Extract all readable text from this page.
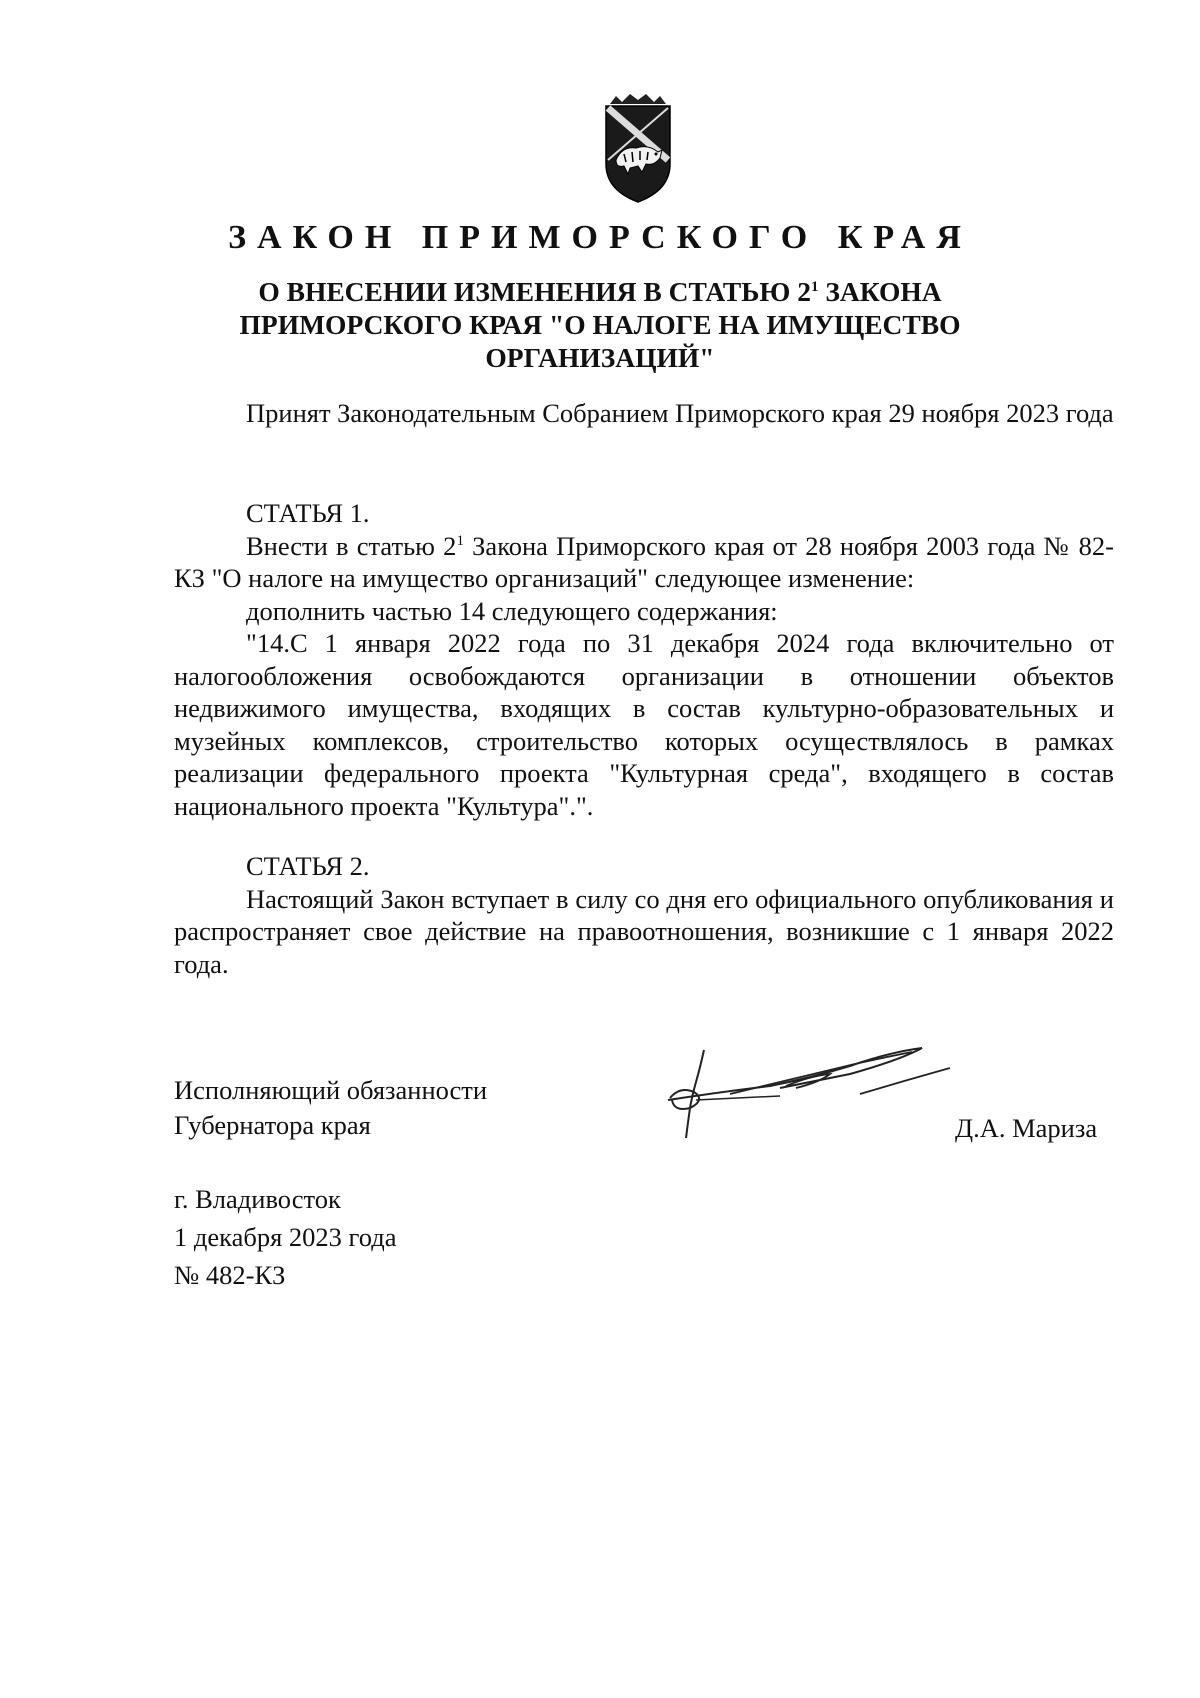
ЗАКОН ПРИМОРСКОГО КРАЯ
О ВНЕСЕНИИ ИЗМЕНЕНИЯ В СТАТЬЮ $2^1$ ЗАКОНА
ПРИМОРСКОГО КРАЯ "О НАЛОГЕ НА ИМУЩЕСТВО
ОРГАНИЗАЦИЙ"

Принят Законодательным Собранием Приморского края 29 ноября 2023 года

СТАТЬЯ 1.

Внести в статью $2^1$ Закона Приморского края от 28 ноября 2003 года № 82-КЗ "О налоге на имущество организаций" следующее изменение:

дополнить частью 14 следующего содержания:

"14.С 1 января 2022 года по 31 декабря 2024 года включительно от налогообложения освобождаются организации в отношении объектов недвижимого имущества, входящих в состав культурно-образовательных и музейных комплексов, строительство которых осуществлялось в рамках реализации федерального проекта "Культурная среда", входящего в состав национального проекта "Культура".".

СТАТЬЯ 2.

Настоящий Закон вступает в силу со дня его официального опубликования и распространяет свое действие на правоотношения, возникшие с 1 января 2022 года.

Исполняющий обязанности
Губернатора края	Д.А. Мариза
г. Владивосток
1 декабря 2023 года
№ 482-КЗ
